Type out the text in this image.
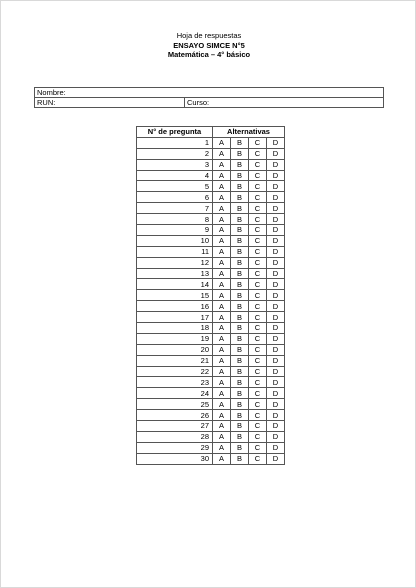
Hoja de respuestas
ENSAYO SIMCE N°5
Matemática – 4° básico
Nombre:
RUN:	Curso:
N° de pregunta	Alternativas			
1	A	B	C	D
2	A	B	C	D
3	A	B	C	D
4	A	B	C	D
5	A	B	C	D
6	A	B	C	D
7	A	B	C	D
8	A	B	C	D
9	A	B	C	D
10	A	B	C	D
11	A	B	C	D
12	A	B	C	D
13	A	B	C	D
14	A	B	C	D
15	A	B	C	D
16	A	B	C	D
17	A	B	C	D
18	A	B	C	D
19	A	B	C	D
20	A	B	C	D
21	A	B	C	D
22	A	B	C	D
23	A	B	C	D
24	A	B	C	D
25	A	B	C	D
26	A	B	C	D
27	A	B	C	D
28	A	B	C	D
29	A	B	C	D
30	A	B	C	D
